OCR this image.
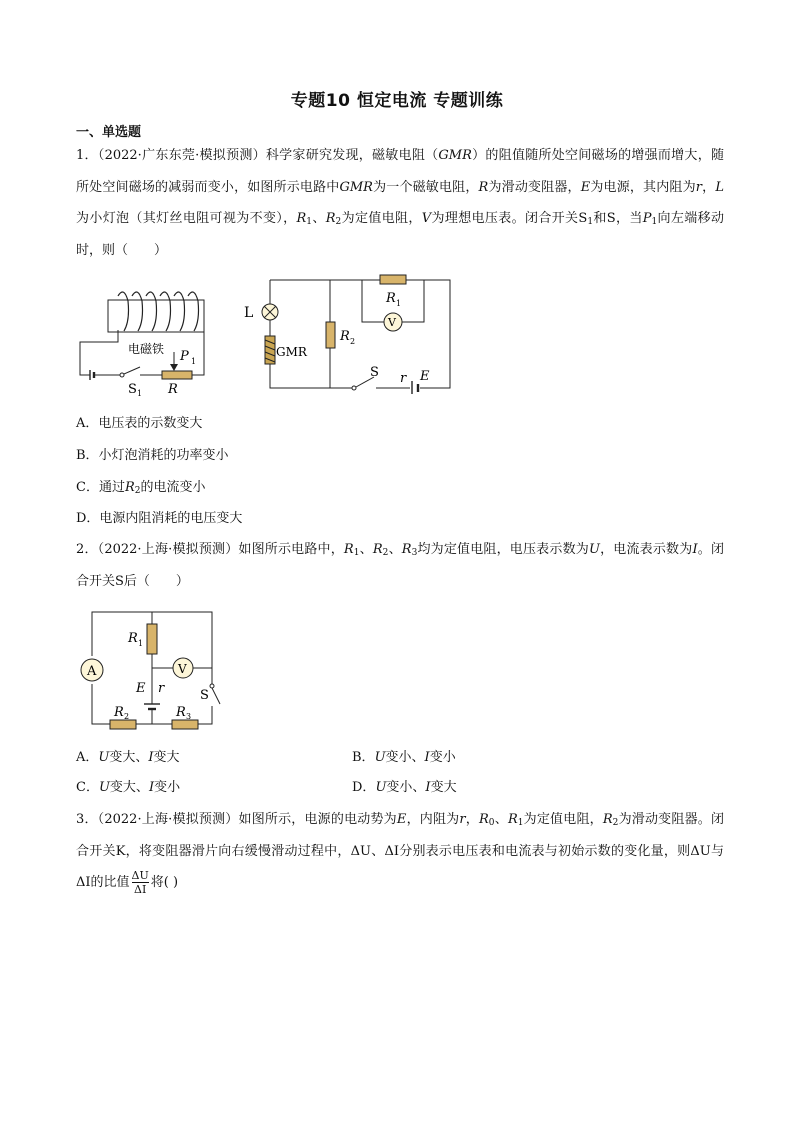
专题10 恒定电流 专题训练
一、单选题
1．（2022·广东东莞·模拟预测）科学家研究发现，磁敏电阻（GMR）的阻值随所处空间磁场的增强而增大，随所处空间磁场的减弱而变小，如图所示电路中GMR为一个磁敏电阻，R为滑动变阻器，E为电源，其内阻为r，L为小灯泡（其灯丝电阻可视为不变），$R_1$、$R_2$为定值电阻，V为理想电压表。闭合开关$S_1$和S，当$P_1$向左端移动时，则（　　）
电磁铁 P 1
R
S 1
V
L
GMR
R 1
R 2
S r E
A．电压表的示数变大
B．小灯泡消耗的功率变小
C．通过$R_2$的电流变小
D．电源内阻消耗的电压变大
2．（2022·上海·模拟预测）如图所示电路中，$R_1$、$R_2$、$R_3$均为定值电阻，电压表示数为U，电流表示数为I。闭合开关S后（　　）
A	V
R 1
E r	S
R 2	R 3
A．U变大、I变大	B．U变小、I变小
C．U变大、I变小	D．U变小、I变大
3．（2022·上海·模拟预测）如图所示，电源的电动势为E，内阻为r，$R_0$、$R_1$为定值电阻，$R_2$为滑动变阻器。闭合开关K，将变阻器滑片向右缓慢滑动过程中，ΔU、ΔI分别表示电压表和电流表与初始示数的变化量，则ΔU与ΔI的比值 $\frac{\Delta U}{\Delta I}$ 将( )
